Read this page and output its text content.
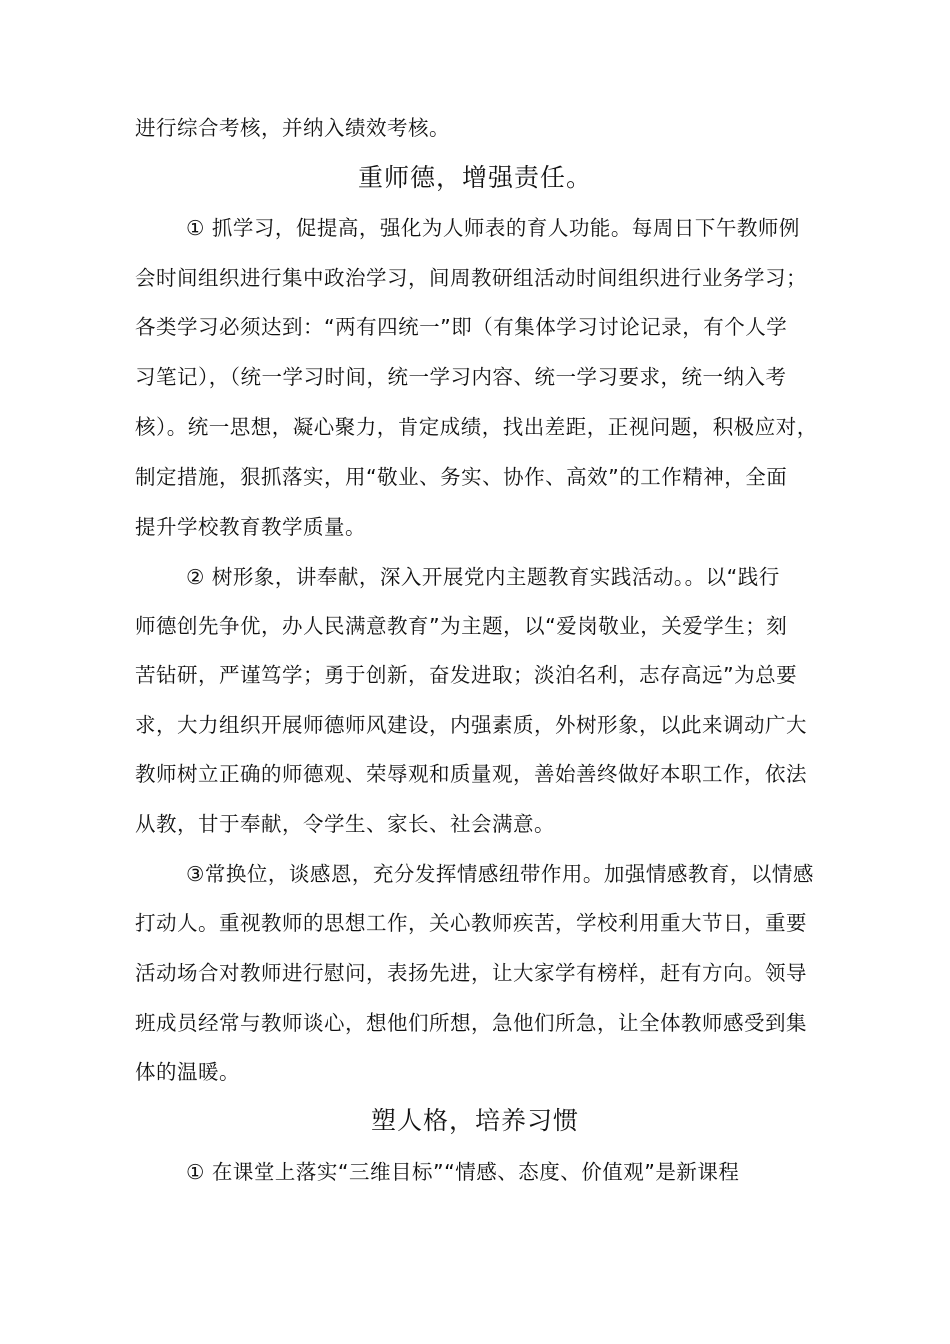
进行综合考核，并纳入绩效考核。
重师德，增强责任。
① 抓学习，促提高，强化为人师表的育人功能。每周日下午教师例
会时间组织进行集中政治学习，间周教研组活动时间组织进行业务学习；
各类学习必须达到：“两有四统一”即（有集体学习讨论记录，有个人学
习笔记），（统一学习时间，统一学习内容、统一学习要求，统一纳入考
核）。统一思想，凝心聚力，肯定成绩，找出差距，正视问题，积极应对，
制定措施，狠抓落实，用“敬业、务实、协作、高效”的工作精神，全面
提升学校教育教学质量。
② 树形象，讲奉献，深入开展党内主题教育实践活动。。以“践行
师德创先争优，办人民满意教育”为主题，以“爱岗敬业，关爱学生；刻
苦钻研，严谨笃学；勇于创新，奋发进取；淡泊名利，志存高远”为总要
求，大力组织开展师德师风建设，内强素质，外树形象，以此来调动广大
教师树立正确的师德观、荣辱观和质量观，善始善终做好本职工作，依法
从教，甘于奉献，令学生、家长、社会满意。
③常换位，谈感恩，充分发挥情感纽带作用。加强情感教育，以情感
打动人。重视教师的思想工作，关心教师疾苦，学校利用重大节日，重要
活动场合对教师进行慰问，表扬先进，让大家学有榜样，赶有方向。领导
班成员经常与教师谈心，想他们所想，急他们所急，让全体教师感受到集
体的温暖。
塑人格，培养习惯
① 在课堂上落实“三维目标”“情感、态度、价值观”是新课程
